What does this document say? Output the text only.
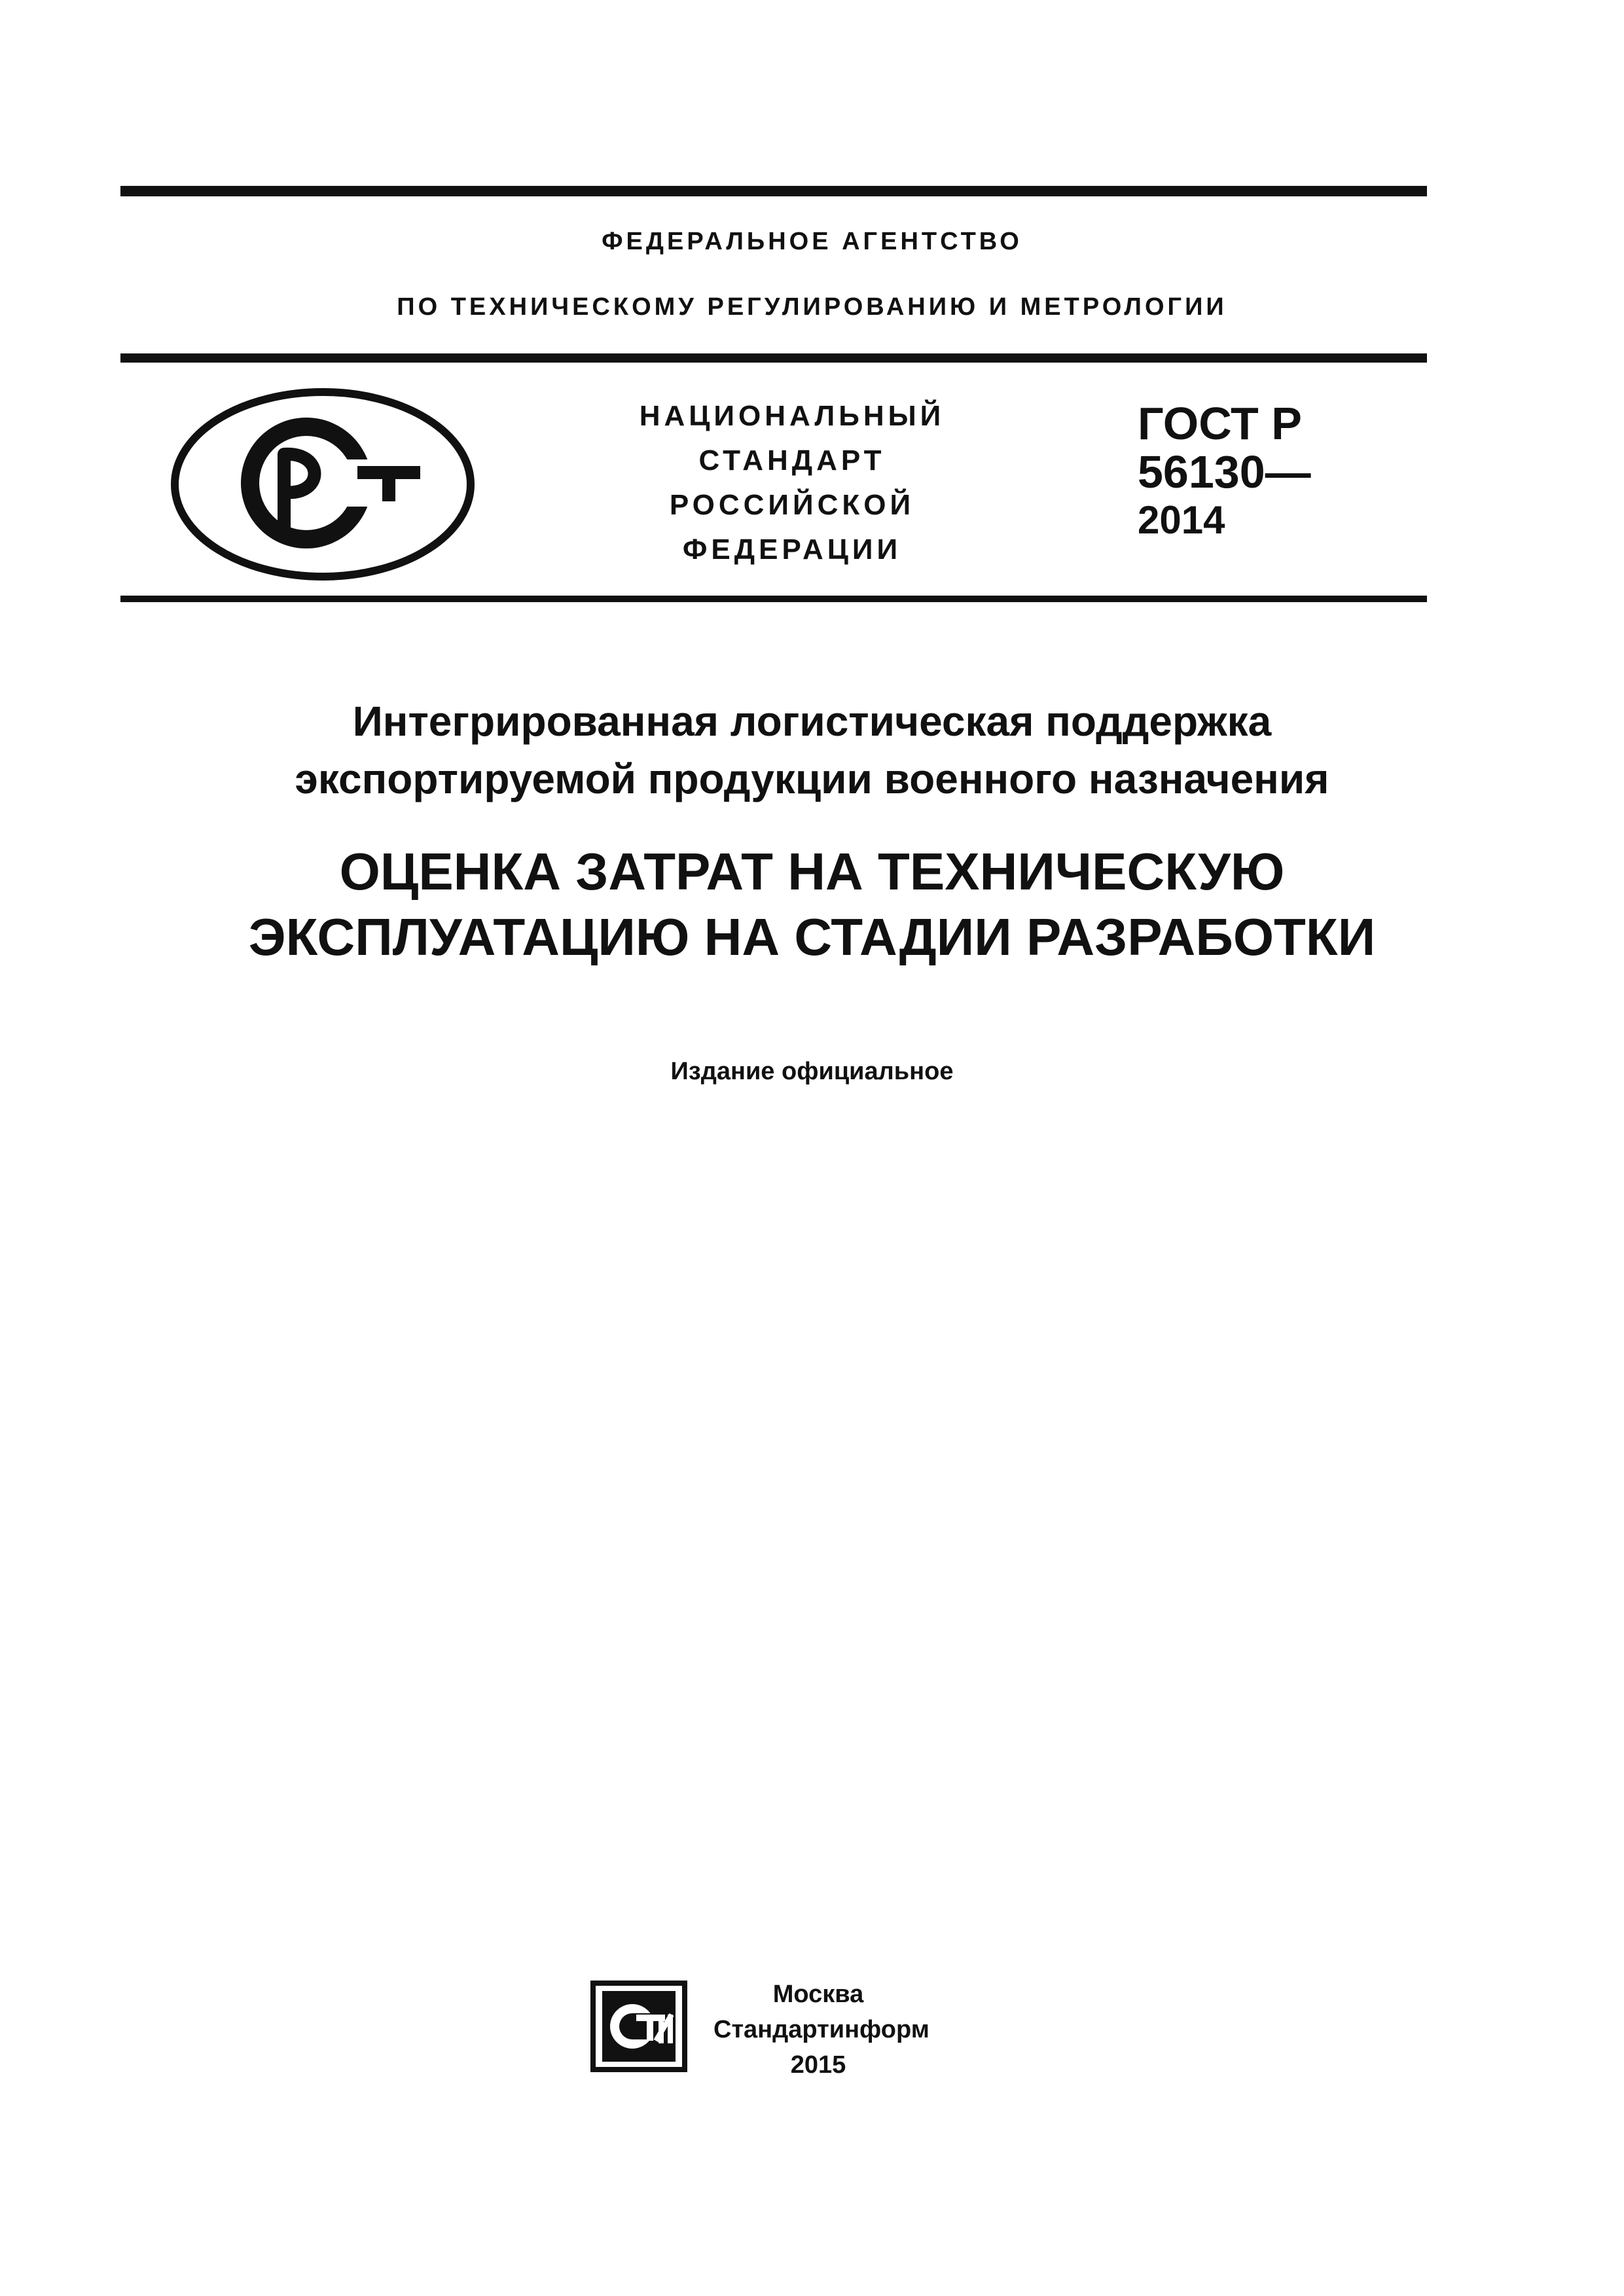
ФЕДЕРАЛЬНОЕ АГЕНТСТВО
ПО ТЕХНИЧЕСКОМУ РЕГУЛИРОВАНИЮ И МЕТРОЛОГИИ
НАЦИОНАЛЬНЫЙ
СТАНДАРТ
РОССИЙСКОЙ
ФЕДЕРАЦИИ
ГОСТ Р
56130—
2014
Интегрированная логистическая поддержка
экспортируемой продукции военного назначения
ОЦЕНКА ЗАТРАТ НА ТЕХНИЧЕСКУЮ
ЭКСПЛУАТАЦИЮ НА СТАДИИ РАЗРАБОТКИ
Издание официальное
Москва
Стандартинформ
2015
